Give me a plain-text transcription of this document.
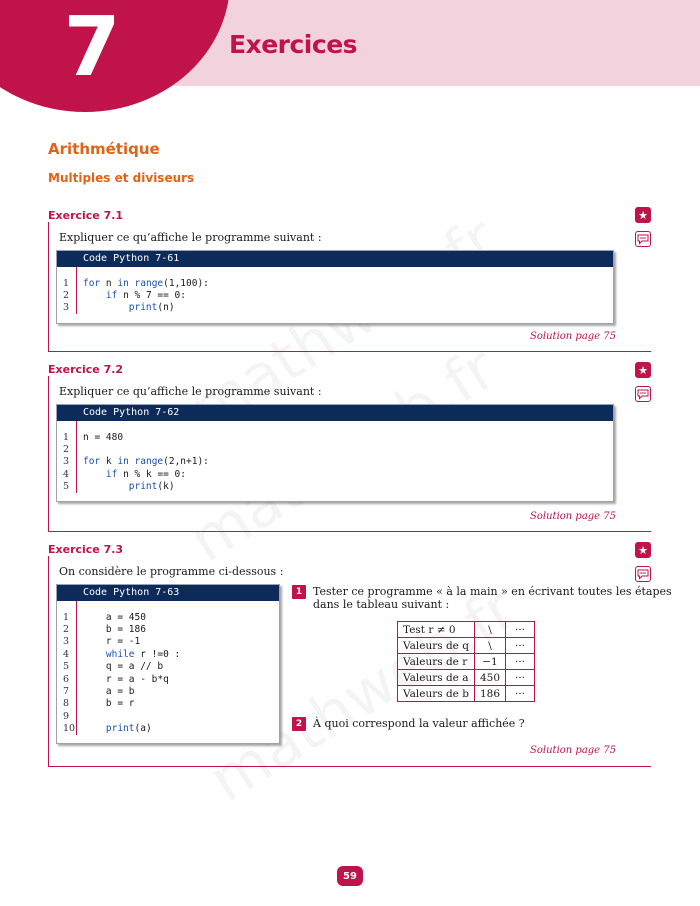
7	Exercices
Arithmétique
Multiples et diviseurs
Exercice 7.1	★
Expliquer ce qu’affiche le programme suivant :
Solution page 75
Code Python 7-61
1	for n in range(1,100):
2	if n % 7 == 0:
3	print(n)
Exercice 7.2	★
Expliquer ce qu’affiche le programme suivant :
Solution page 75
Code Python 7-62
1	n = 480
2
3	for k in range(2,n+1):
4	if n % k == 0:
5	print(k)
Exercice 7.3	★
On considère le programme ci-dessous :
Solution page 75
Code Python 7-63
1	a = 450
2	b = 186
3	r = -1
4	while r !=0 :
5	q = a // b
6	r = a - b*q
7	a = b
8	b = r
9
10	print(a)
1 Tester ce programme « à la main » en écrivant toutes les étapes
dans le tableau suivant :
Test r ≠ 0	\	···
Valeurs de q	\	···
Valeurs de r	−1	···
Valeurs de a	450	···
Valeurs de b	186	···
2 À quoi correspond la valeur affichée ?
59
